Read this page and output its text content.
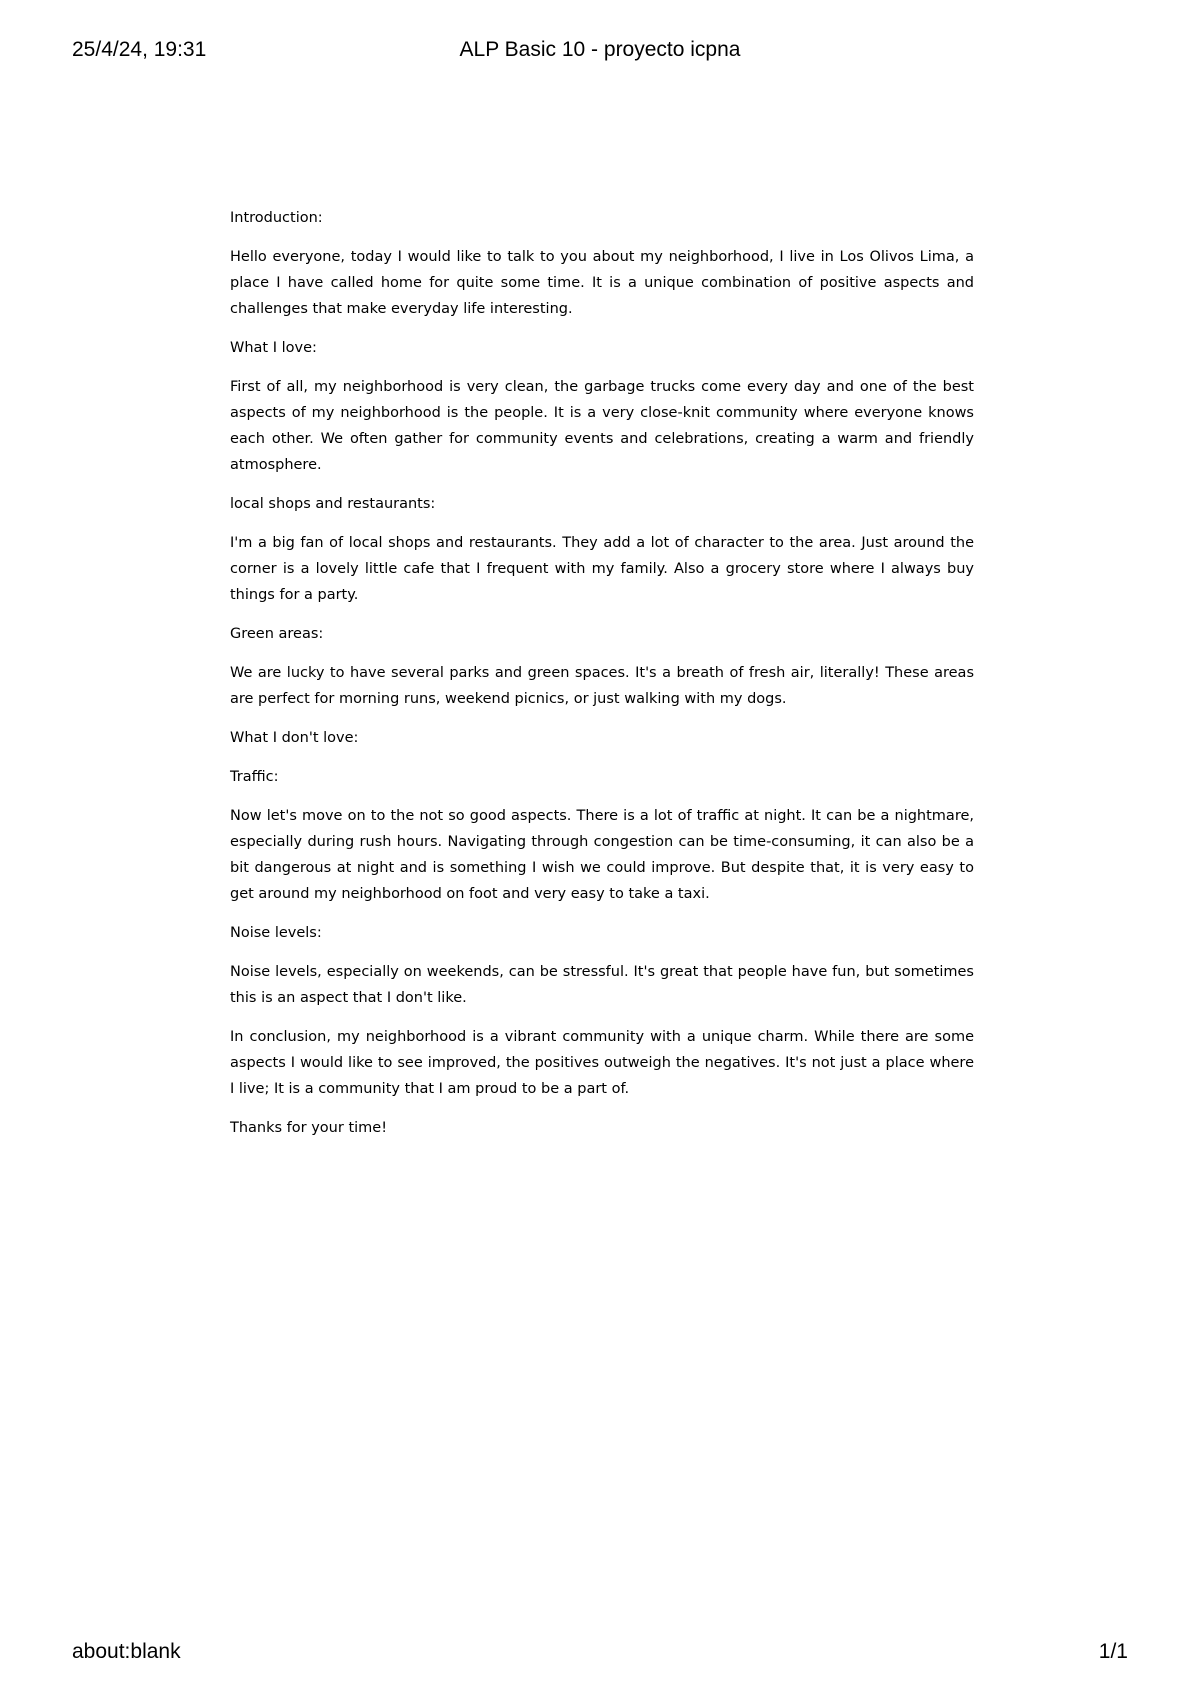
ALP Basic 10 - proyecto icpna
25/4/24, 19:31

Introduction:

Hello everyone, today I would like to talk to you about my neighborhood, I live in Los Olivos Lima, a place I have called home for quite some time. It is a unique combination of positive aspects and challenges that make everyday life interesting.

What I love:

First of all, my neighborhood is very clean, the garbage trucks come every day and one of the best aspects of my neighborhood is the people. It is a very close-knit community where everyone knows each other. We often gather for community events and celebrations, creating a warm and friendly atmosphere.

local shops and restaurants:

I'm a big fan of local shops and restaurants. They add a lot of character to the area. Just around the corner is a lovely little cafe that I frequent with my family. Also a grocery store where I always buy things for a party.

Green areas:

We are lucky to have several parks and green spaces. It's a breath of fresh air, literally! These areas are perfect for morning runs, weekend picnics, or just walking with my dogs.

What I don't love:

Traffic:

Now let's move on to the not so good aspects. There is a lot of traffic at night. It can be a nightmare, especially during rush hours. Navigating through congestion can be time-consuming, it can also be a bit dangerous at night and is something I wish we could improve. But despite that, it is very easy to get around my neighborhood on foot and very easy to take a taxi.

Noise levels:

Noise levels, especially on weekends, can be stressful. It's great that people have fun, but sometimes this is an aspect that I don't like.

In conclusion, my neighborhood is a vibrant community with a unique charm. While there are some aspects I would like to see improved, the positives outweigh the negatives. It's not just a place where I live; It is a community that I am proud to be a part of.

Thanks for your time!

about:blank	1/1
